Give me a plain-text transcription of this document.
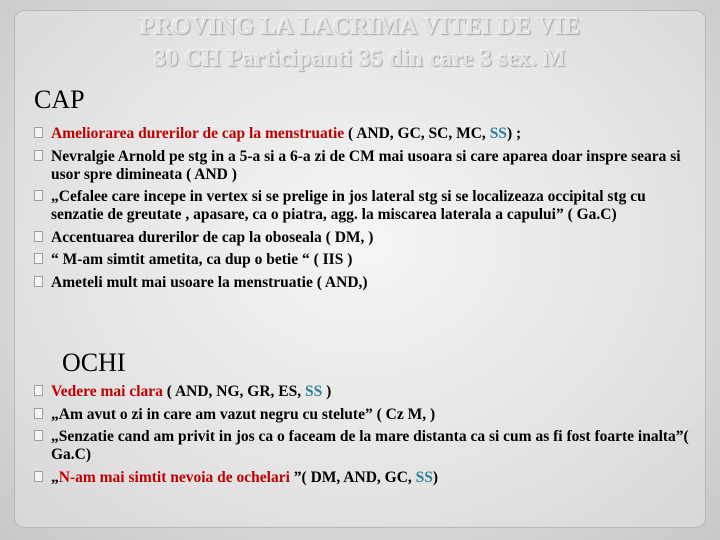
PROVING LA LACRIMA VITEI DE VIE
30 CH Participanti 35 din care 3 sex. M
CAP
Ameliorarea durerilor de cap la menstruatie ( AND, GC, SC, MC, SS) ;
Nevralgie Arnold pe stg in a 5-a si a 6-a zi de CM mai usoara si care aparea doar inspre seara si usor spre dimineata ( AND )
„Cefalee care incepe in vertex si se prelige in jos lateral stg si se localizeaza occipital stg cu senzatie de greutate , apasare, ca o piatra, agg. la miscarea laterala a capului” ( Ga.C)
Accentuarea durerilor de cap la oboseala ( DM, )
“ M-am simtit ametita, ca dup o betie “ ( IIS )
Ameteli mult mai usoare la menstruatie ( AND,)
OCHI
Vedere mai clara ( AND, NG, GR, ES, SS )
„Am avut o zi in care am vazut negru cu stelute” ( Cz M, )
„Senzatie cand am privit in jos ca o faceam de la mare distanta ca si cum as fi fost foarte inalta”( Ga.C)
„N-am mai simtit nevoia de ochelari ”( DM, AND, GC, SS)
